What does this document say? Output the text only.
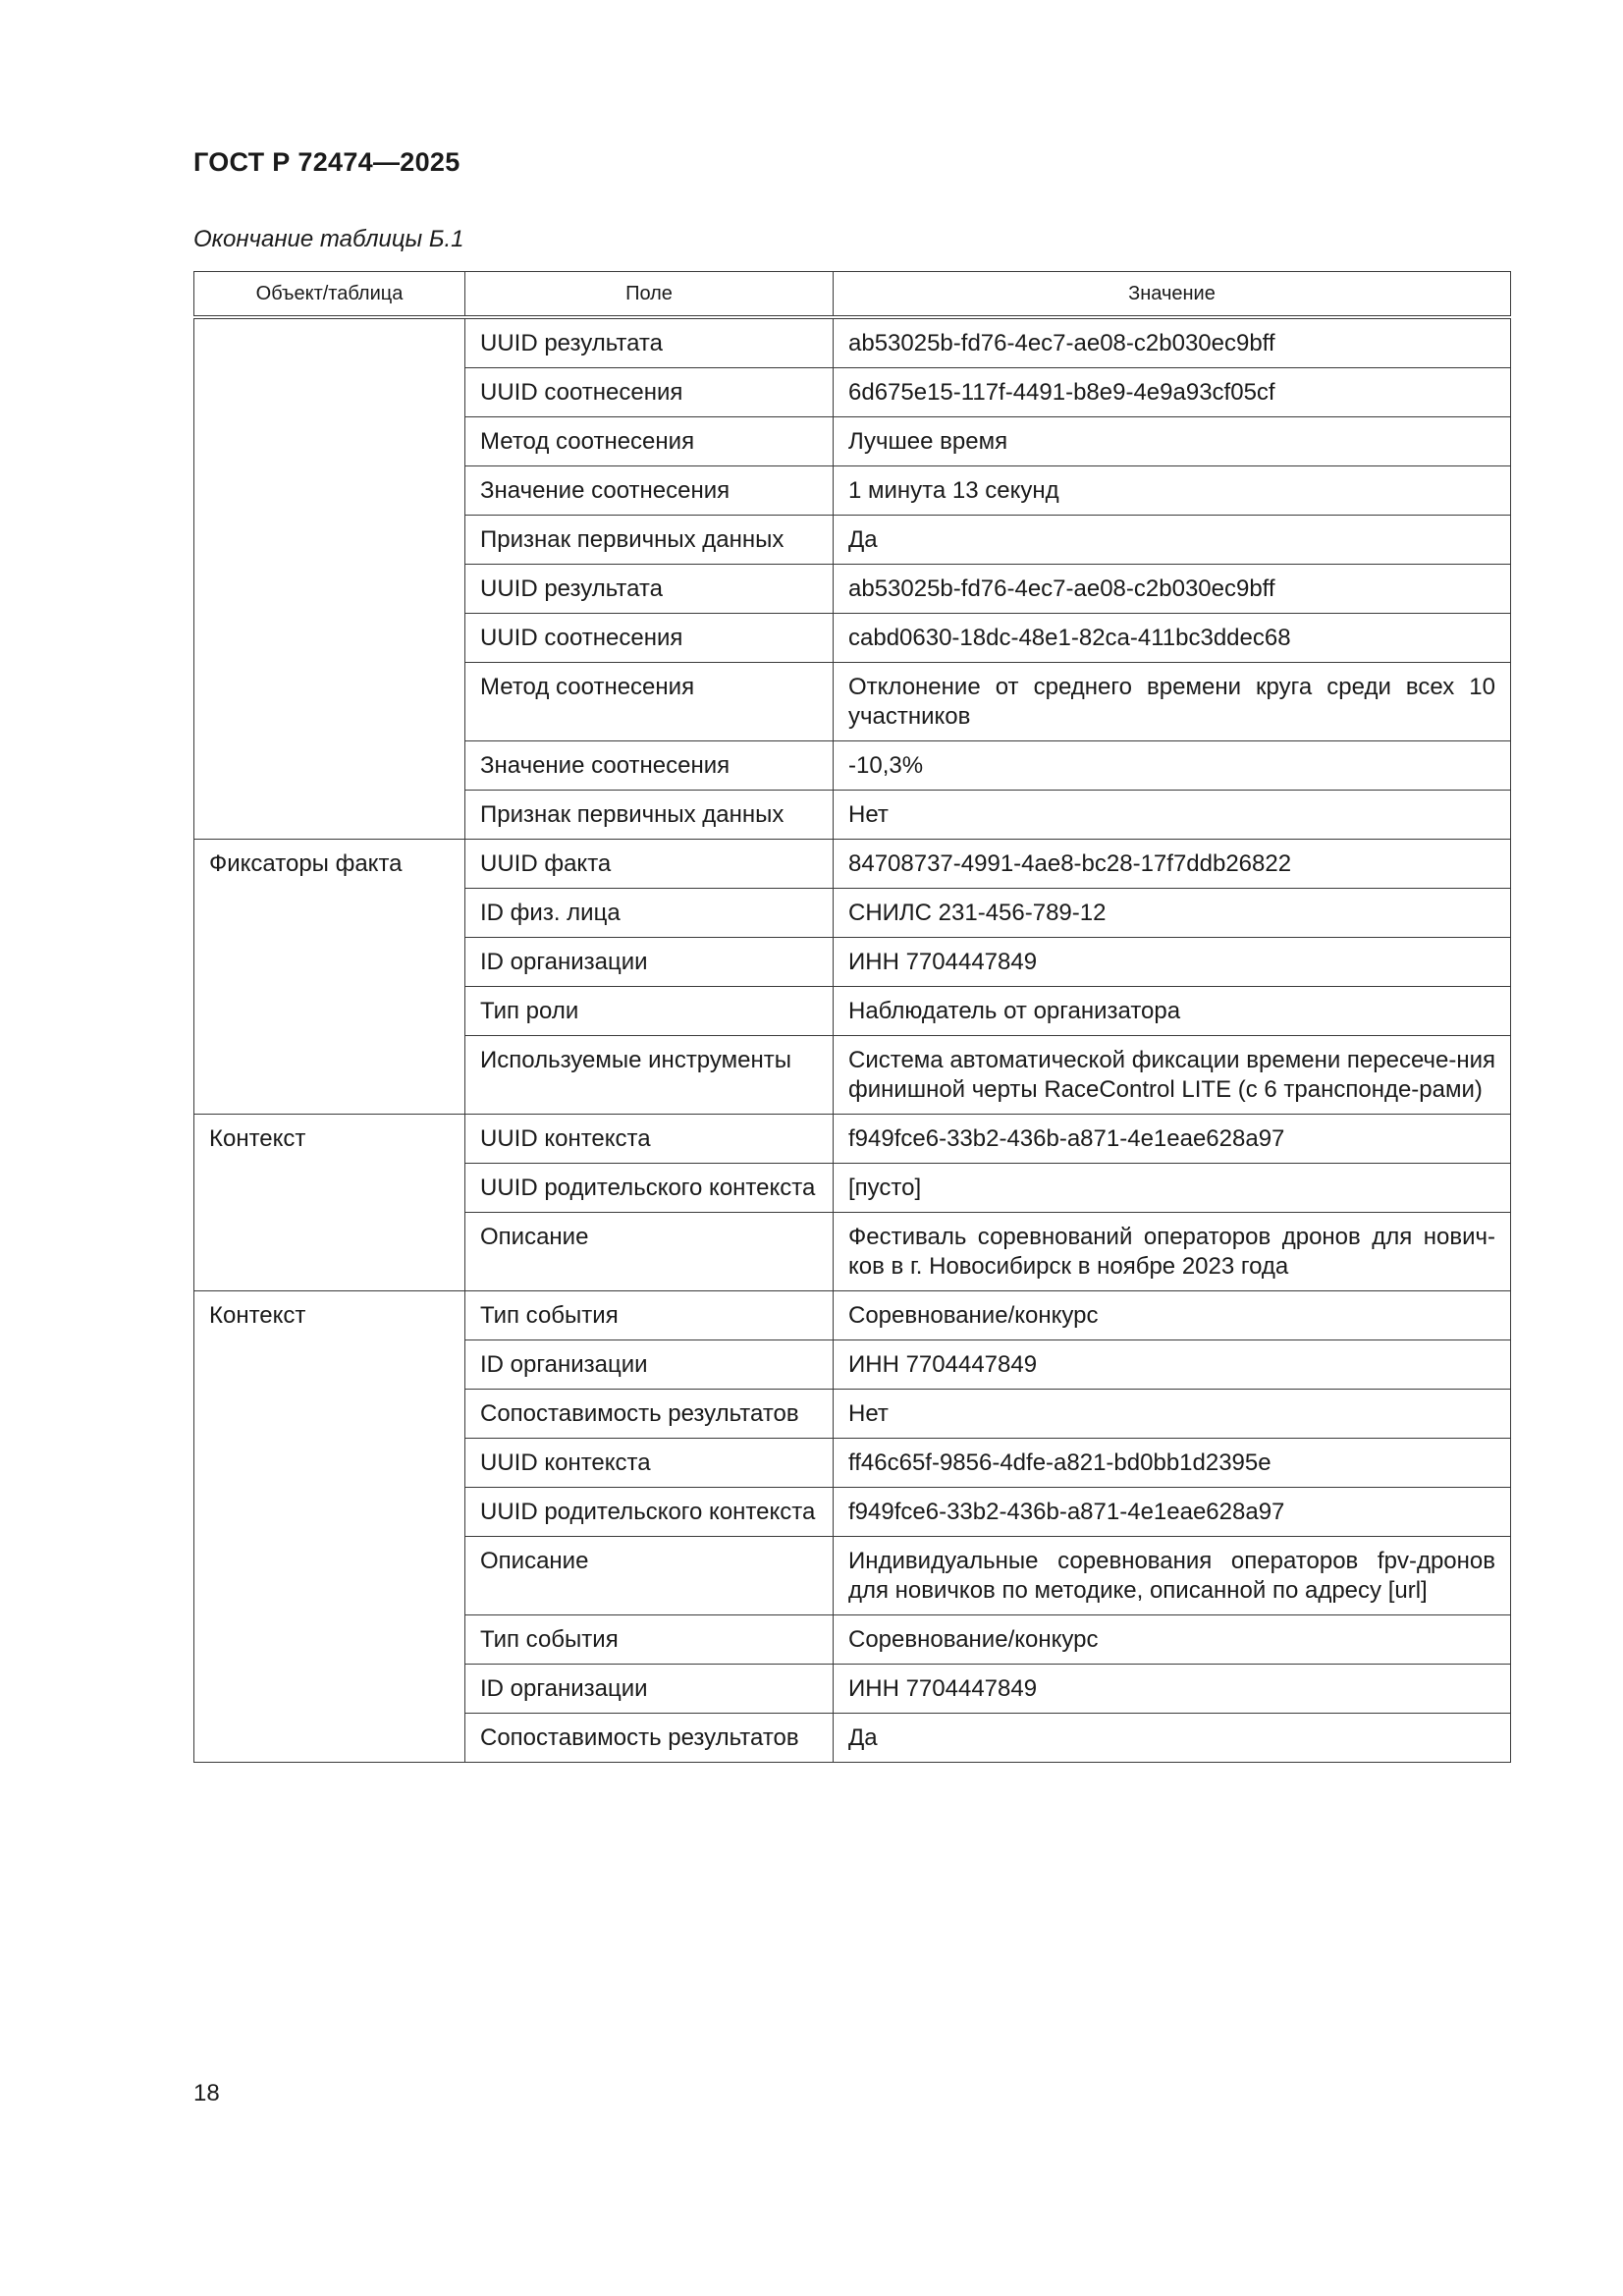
ГОСТ Р 72474—2025
Окончание таблицы Б.1
Объект/таблица	Поле	Значение
	UUID результата	ab53025b-fd76-4ec7-ae08-c2b030ec9bff
	UUID соотнесения	6d675e15-117f-4491-b8e9-4e9a93cf05cf
	Метод соотнесения	Лучшее время
	Значение соотнесения	1 минута 13 секунд
	Признак первичных данных	Да
	UUID результата	ab53025b-fd76-4ec7-ae08-c2b030ec9bff
	UUID соотнесения	cabd0630-18dc-48e1-82ca-411bc3ddec68
	Метод соотнесения	Отклонение от среднего времени круга среди всех 10 участников
	Значение соотнесения	-10,3%
	Признак первичных данных	Нет
Фиксаторы факта	UUID факта	84708737-4991-4ae8-bc28-17f7ddb26822
	ID физ. лица	СНИЛС 231-456-789-12
	ID организации	ИНН 7704447849
	Тип роли	Наблюдатель от организатора
	Используемые инструменты	Система автоматической фиксации времени пересече-ния финишной черты RaceControl LITE (с 6 транспонде-рами)
Контекст	UUID контекста	f949fce6-33b2-436b-a871-4e1eae628a97
	UUID родительского контекста	[пусто]
	Описание	Фестиваль соревнований операторов дронов для нович-ков в г. Новосибирск в ноябре 2023 года
Контекст	Тип события	Соревнование/конкурс
	ID организации	ИНН 7704447849
	Сопоставимость результатов	Нет
	UUID контекста	ff46c65f-9856-4dfe-a821-bd0bb1d2395e
	UUID родительского контекста	f949fce6-33b2-436b-a871-4e1eae628a97
	Описание	Индивидуальные соревнования операторов fpv-дронов для новичков по методике, описанной по адресу [url]
	Тип события	Соревнование/конкурс
	ID организации	ИНН 7704447849
	Сопоставимость результатов	Да
18
